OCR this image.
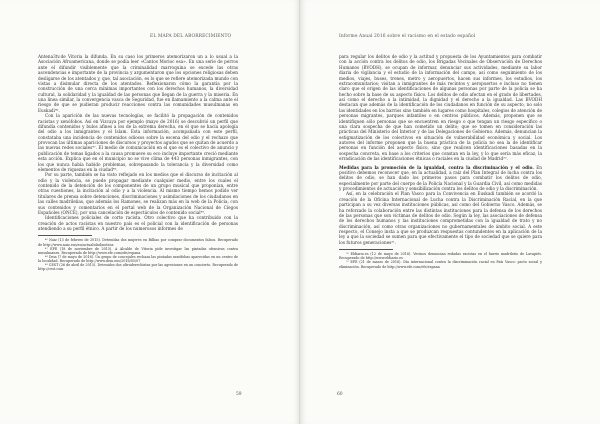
EL MAPA DEL ABORRECIMIENTO

Antena3tv.de Vitoria la difunda. En su caso los primeros atemorizaron un a lo usual a la Asociación Afroamericana, donde se podía leer «Cantos Morioc esa». En una serie de perros ante el difundir visiblemente que la criminalidad marroquina se excede las otras ascendencias e importante de la provincia y argumentaron que los opciones religiosas deben desligarse de los atentados y, que, tal asociación, es lo que se refiere atemorizada mundo con vistas a disimular directa de los atentados. Reflexionaron cómo la garantía por la construcción de una cerca mínimas importantes con los derechos humanos, la diversidad cultural, la solidaridad y la igualdad de las personas que llegan de la guerra y la miseria. En una línea similar, la convergencia vasca de Seguridad, fue en llamamiento a la calma ante el riesgo de que se pudieran producir reacciones contra las comunidades musulmanas en Euskadi⁴⁶.

Con la aparición de las nuevas tecnologías, se facilitó la propagación de contenidos racistas y xenófobos. Así en Vizcaya por ejemplo (mayo de 2016) se descubrió un perfil que difundía contenidos y bulos afines a los de la extrema derecha, en el que se hacía apología del odio a los inmigrantes y el Islam. Esta información, acompañada con este perfil, constataba una incidencia de contenidos odiosos sobre la escena del odio y el rechazo que provocan las últimas apariciones de discursos y proyectos agudos que se quitan de acuerdo a las nuevas redes sociales⁴⁷. El medio de comunicación en el que es el colectivo de anuncio y publicación de temas ligados a la causa promueve su eco incluye importante creció mediante esta acción. Explica que en el municipio no se vive clima de 443 personas inmigrantes, con los que nunca había habido problemas, sobrepasando la tolerancia y la diversidad como elementos de riquezas en la ciudad⁴⁸.

Por su parte, también se ha visto reflejado en los medios que el discurso de incitación al odio y la violencia, se puede propagar mediante cualquier medio, entre los cuales el contenido de la detención de los componentes de un grupo musical que proponían, entre otras cuestiones, la incitación al odio y a la violencia. Al mismo tiempo hemos podido ver titulares de prensa sobre detenciones, discriminaciones y asimilaciones de los ciudadanos en las calles madrileñas, que además los Ramones, se realizan más en la web de la Policía, con sus contenidos y comentarios en el portal web de la Organización Nacional de Ciegos Españoles (ONCE), por una cancelación de espectáculos de contenido social⁴⁹.

Identificaciones policiales de corte racista. Otro colectivo que ha contribuido con la creación de actos racistas en nuestro país es el policial con la identificación de personas atendiendo a su perfil étnico. A partir de los numerosos informes de

⁴⁶ Naiz (13 de febrero de 2015). Detenidas dos mujeres en Bilbao por comprar documentos falsos. Recuperado de http://www.naiz.eus/eu/actualidad/noticia

⁴⁷ EFE (18 de noviembre de 2015). A Alcalde de Vitoria pide investigar las pintadas ofensivas contra musulmanes. Recuperado de http://www.efe.com/efe/espana

⁴⁸ Deia (7 de mayo de 2016). Un grupo de concejales rechaza las pintadas xenófobas aparecidas en un centro de la localidad. Recuperado de http://www.deia.eus/2016/05/07

⁴⁹ CEST (26 de abril de 2015). Detenidos dos ultraderechistas por las agresiones en un concierto. Recuperado de http://cest.com

59
Informe Anual 2016 sobre el racismo en el estado español

para regular los delitos de odio y la actitud y propuesta de los Ayuntamientos para combatir con la acción contra los delitos de odio, los Brigadas Vecinales de Observación de Derechos Humanos (BVODH), se ocupan de informar, denunciar sus actividades, mediante su labor diaria de vigilancia y el estudio de la información del campo, así como seguimiento de los medios, viajes, buses, trenes, metro y aeropuertos, hacen sus informes, los estudios, los extracomunitarios; visitan a inmigrantes de más recintos y aeropuertos e incluso no tienen claro que el origen de las identificaciones de algunas personas por parte de la policía se ha hecho sobre la base de su aspecto físico. Los delitos de odio afectan en el grado de libertades, así como el derecho a la intimidad, la dignidad y el derecho a la igualdad. Las BVODH destacan que además de la identificación de los ciudadanos en función de su aspecto, no solo las identidades en los barrios sino también en lugares como hospitales, colegios de atención de personas migrantes, parques infantiles o en centros públicos. Además, proponen que se identifiquen sólo personas que se encuentren en riesgo o que tengan un riesgo específico o una clara sospecha de que han cometido un delito; que se tomen en consideración las prácticas del Ministerio del Interior y de las Delegaciones de Gobierno. Además, denuncian la estigmatización de los colectivos en situación de vulnerabilidad económica y social. Los autores del informe proponen que la buena práctica de la policía no sea la de identificar personas en función del aspecto físico, sino que realicen identificaciones basadas en la sospecha concreta, en base a los criterios que constan en la ley, y lo que sería más eficaz, la erradicación de las identificaciones étnicas o raciales en la ciudad de Madrid⁵⁰.

Medidas para la promoción de la igualdad, contra la discriminación y el odio. En positivo debemos reconocer que, en la actualidad, a raíz del Plan Integral de lucha contra los delitos de odio, se han dado los primeros pasos para combatir los delitos de odio, especialmente por parte del cuerpo de la Policía Nacional y la Guardia Civil, así como medidas y procedimientos de actuación y sensibilización contra los delitos de odio y la discriminación.

Así, en la celebración el Plan Vasco para la Convivencia en Euskadi también se acordó la creación de la Oficina Internacional de Lucha contra la Discriminación Racial, en la que participan a su vez diversas instituciones públicas, así como del Gobierno Vasco. Además, se ha reforzado la colaboración entre las distintas instituciones para la defensa de los derechos de las personas que son víctimas de delitos de odio. Según la ley, las asociaciones de defensa de los derechos humanos y las instituciones comprometidas con la igualdad de trato y no discriminación, así como otras organizaciones no gubernamentales de ámbito social. A este respecto, el Consejo insta a que se produzcan respuestas contundentes en la aplicación de la ley a que la sociedad se sumen para que efectivamente el tipo de sociedad que se quiere para los futuros generaciones⁵¹.

⁵⁰ Eldiario.es (12 de mayo de 2016). Vecinos denuncian redadas racistas en el barrio madrileño de Lavapiés. Recuperado de http://www.eldiario.es

⁵¹ EFE (21 de marzo de 2016). Día internacional contra la discriminación racial en País Vasco: pacto social y eliminación. Recuperado de http://www.efe.com/efe/espana

60
